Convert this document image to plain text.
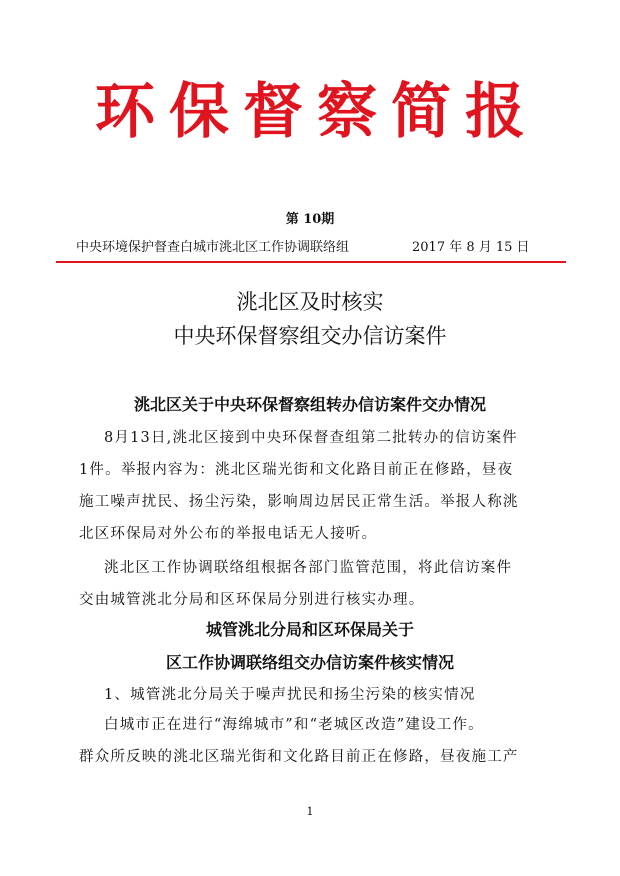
环保督察简报
第 10期
中央环境保护督查白城市洮北区工作协调联络组	2017 年 8 月 15 日
洮北区及时核实
中央环保督察组交办信访案件
洮北区关于中央环保督察组转办信访案件交办情况
8月13日,洮北区接到中央环保督查组第二批转办的信访案件
1件。举报内容为：洮北区瑞光街和文化路目前正在修路，昼夜
施工噪声扰民、扬尘污染，影响周边居民正常生活。举报人称洮
北区环保局对外公布的举报电话无人接听。
洮北区工作协调联络组根据各部门监管范围，将此信访案件
交由城管洮北分局和区环保局分别进行核实办理。
城管洮北分局和区环保局关于
区工作协调联络组交办信访案件核实情况
1、城管洮北分局关于噪声扰民和扬尘污染的核实情况
白城市正在进行“海绵城市”和“老城区改造”建设工作。
群众所反映的洮北区瑞光街和文化路目前正在修路，昼夜施工产
1
